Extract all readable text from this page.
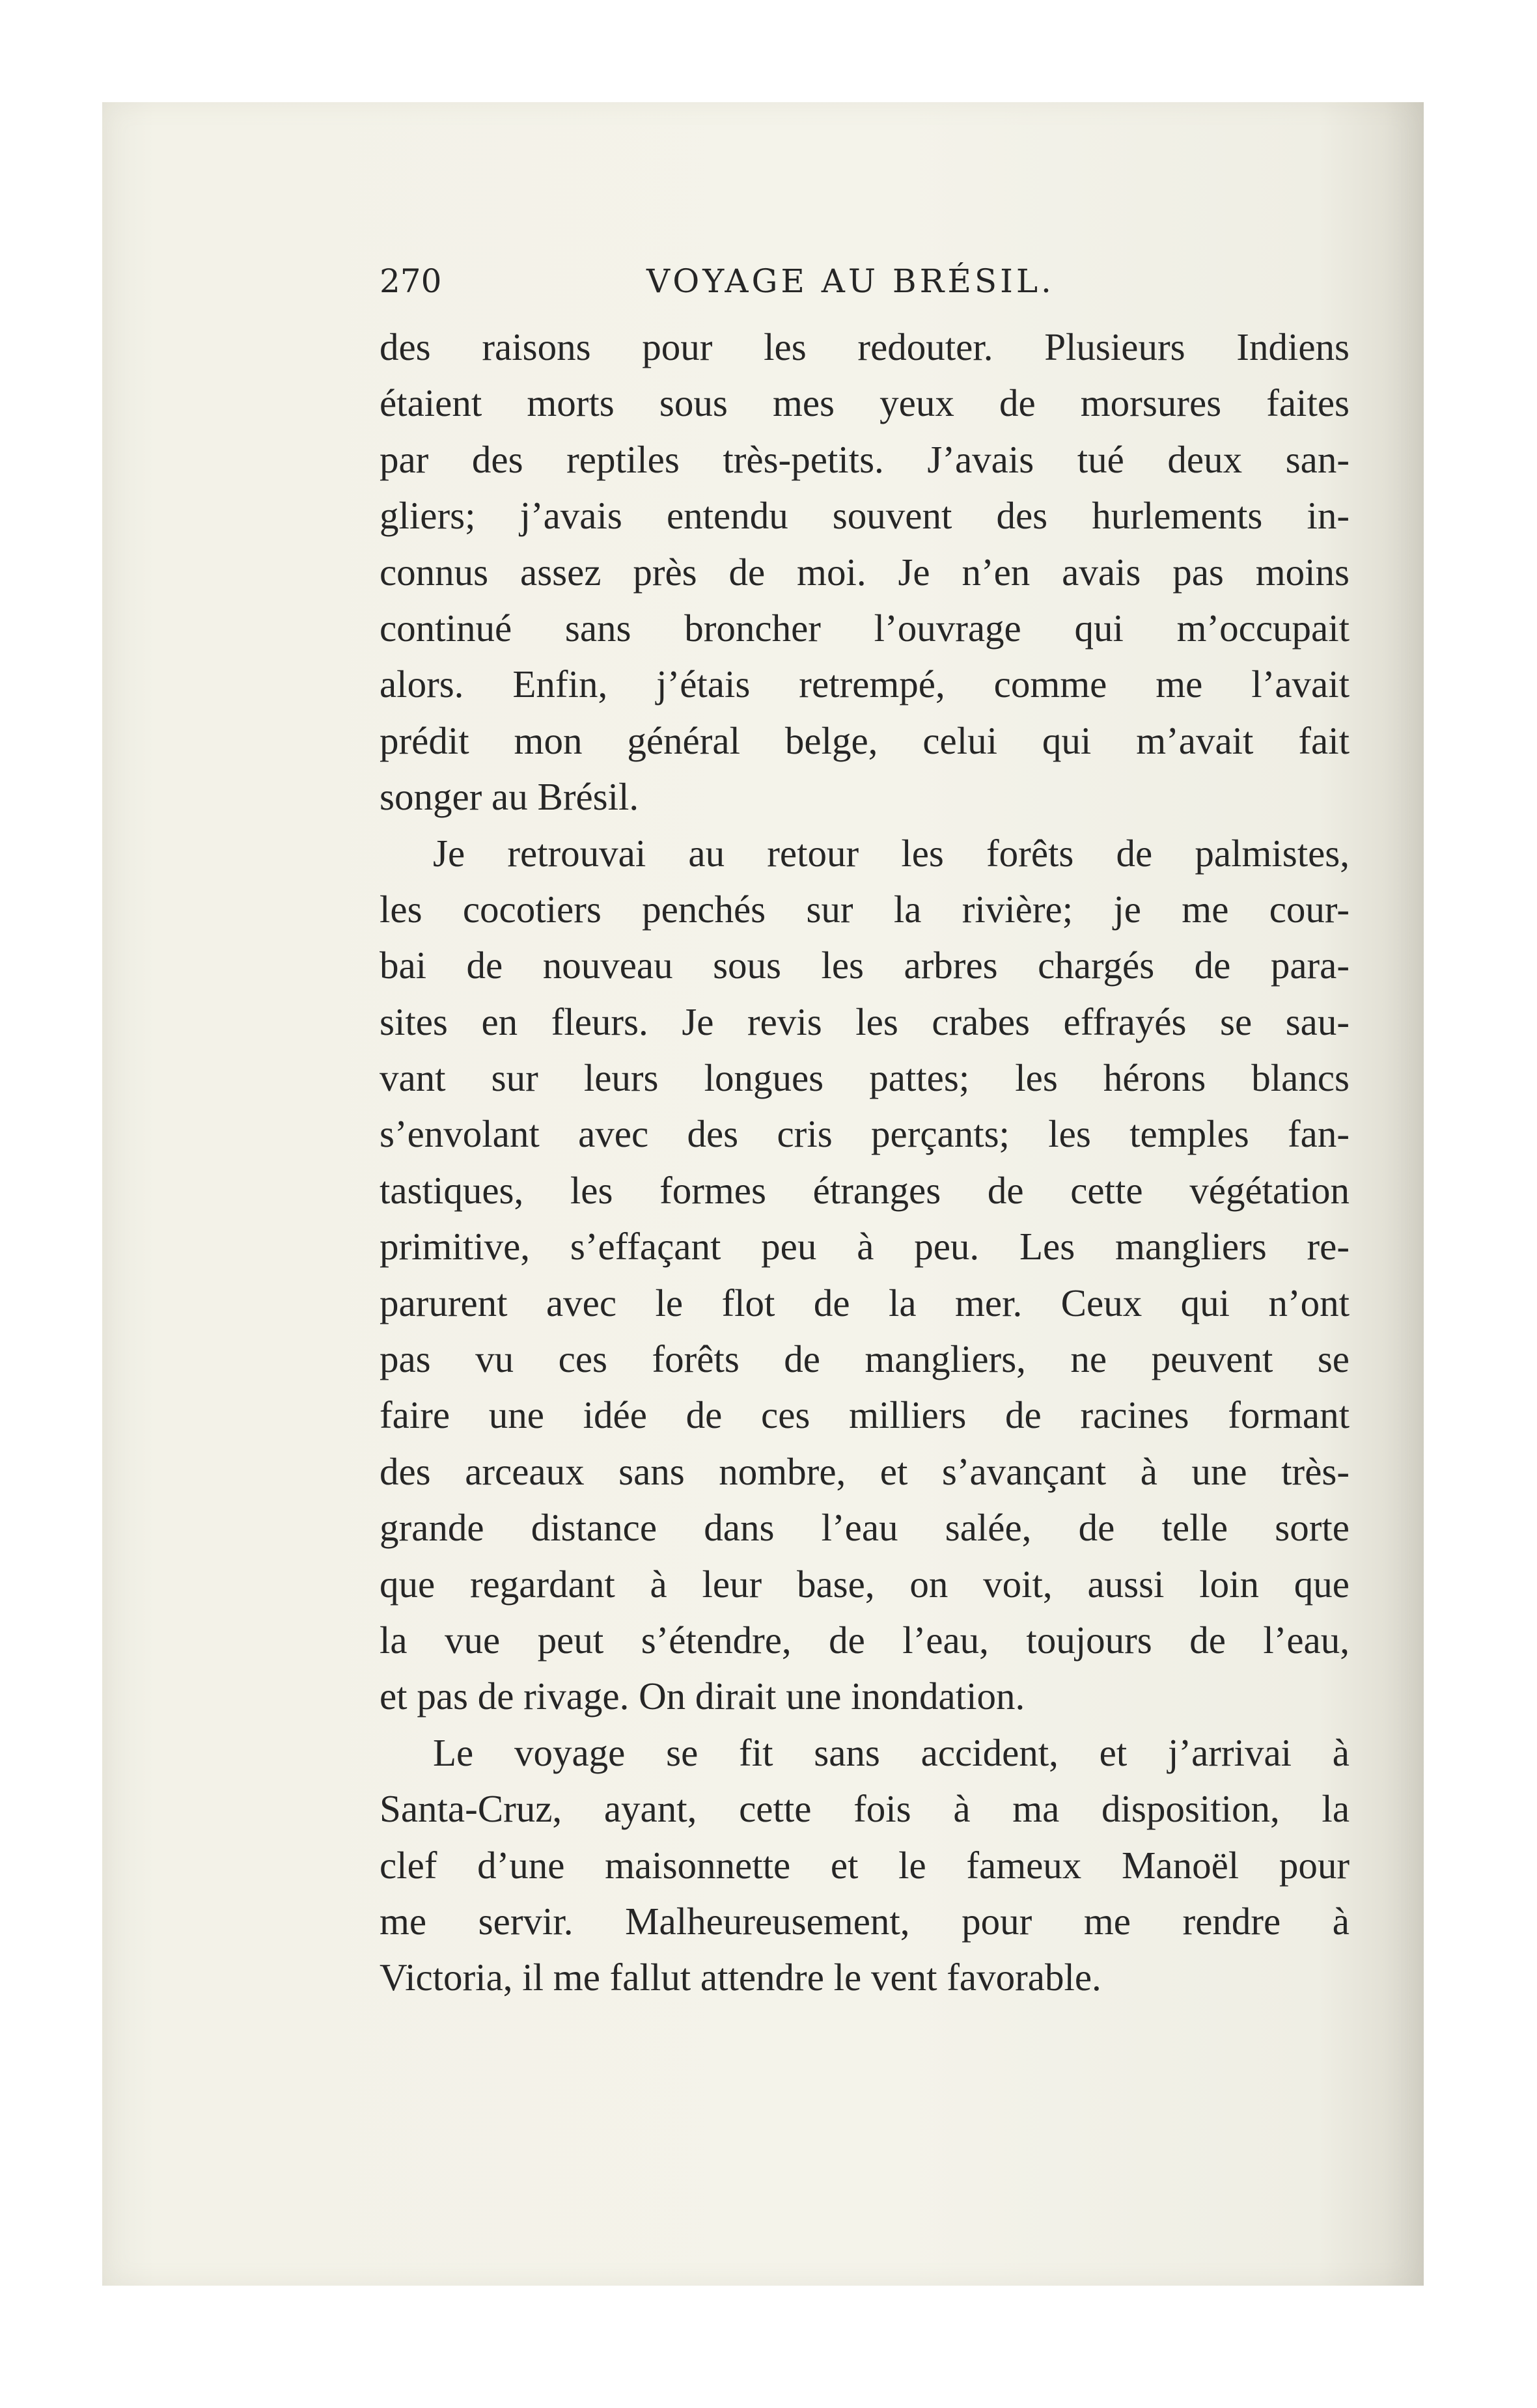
270	VOYAGE AU BRÉSIL.
des raisons pour les redouter. Plusieurs Indiens
étaient morts sous mes yeux de morsures faites
par des reptiles très-petits. J’avais tué deux san-
gliers; j’avais entendu souvent des hurlements in-
connus assez près de moi. Je n’en avais pas moins
continué sans broncher l’ouvrage qui m’occupait
alors. Enfin, j’étais retrempé, comme me l’avait
prédit mon général belge, celui qui m’avait fait
songer au Brésil.
Je retrouvai au retour les forêts de palmistes,
les cocotiers penchés sur la rivière; je me cour-
bai de nouveau sous les arbres chargés de para-
sites en fleurs. Je revis les crabes effrayés se sau-
vant sur leurs longues pattes; les hérons blancs
s’envolant avec des cris perçants; les temples fan-
tastiques, les formes étranges de cette végétation
primitive, s’effaçant peu à peu. Les mangliers re-
parurent avec le flot de la mer. Ceux qui n’ont
pas vu ces forêts de mangliers, ne peuvent se
faire une idée de ces milliers de racines formant
des arceaux sans nombre, et s’avançant à une très-
grande distance dans l’eau salée, de telle sorte
que regardant à leur base, on voit, aussi loin que
la vue peut s’étendre, de l’eau, toujours de l’eau,
et pas de rivage. On dirait une inondation.
Le voyage se fit sans accident, et j’arrivai à
Santa-Cruz, ayant, cette fois à ma disposition, la
clef d’une maisonnette et le fameux Manoël pour
me servir. Malheureusement, pour me rendre à
Victoria, il me fallut attendre le vent favorable.
